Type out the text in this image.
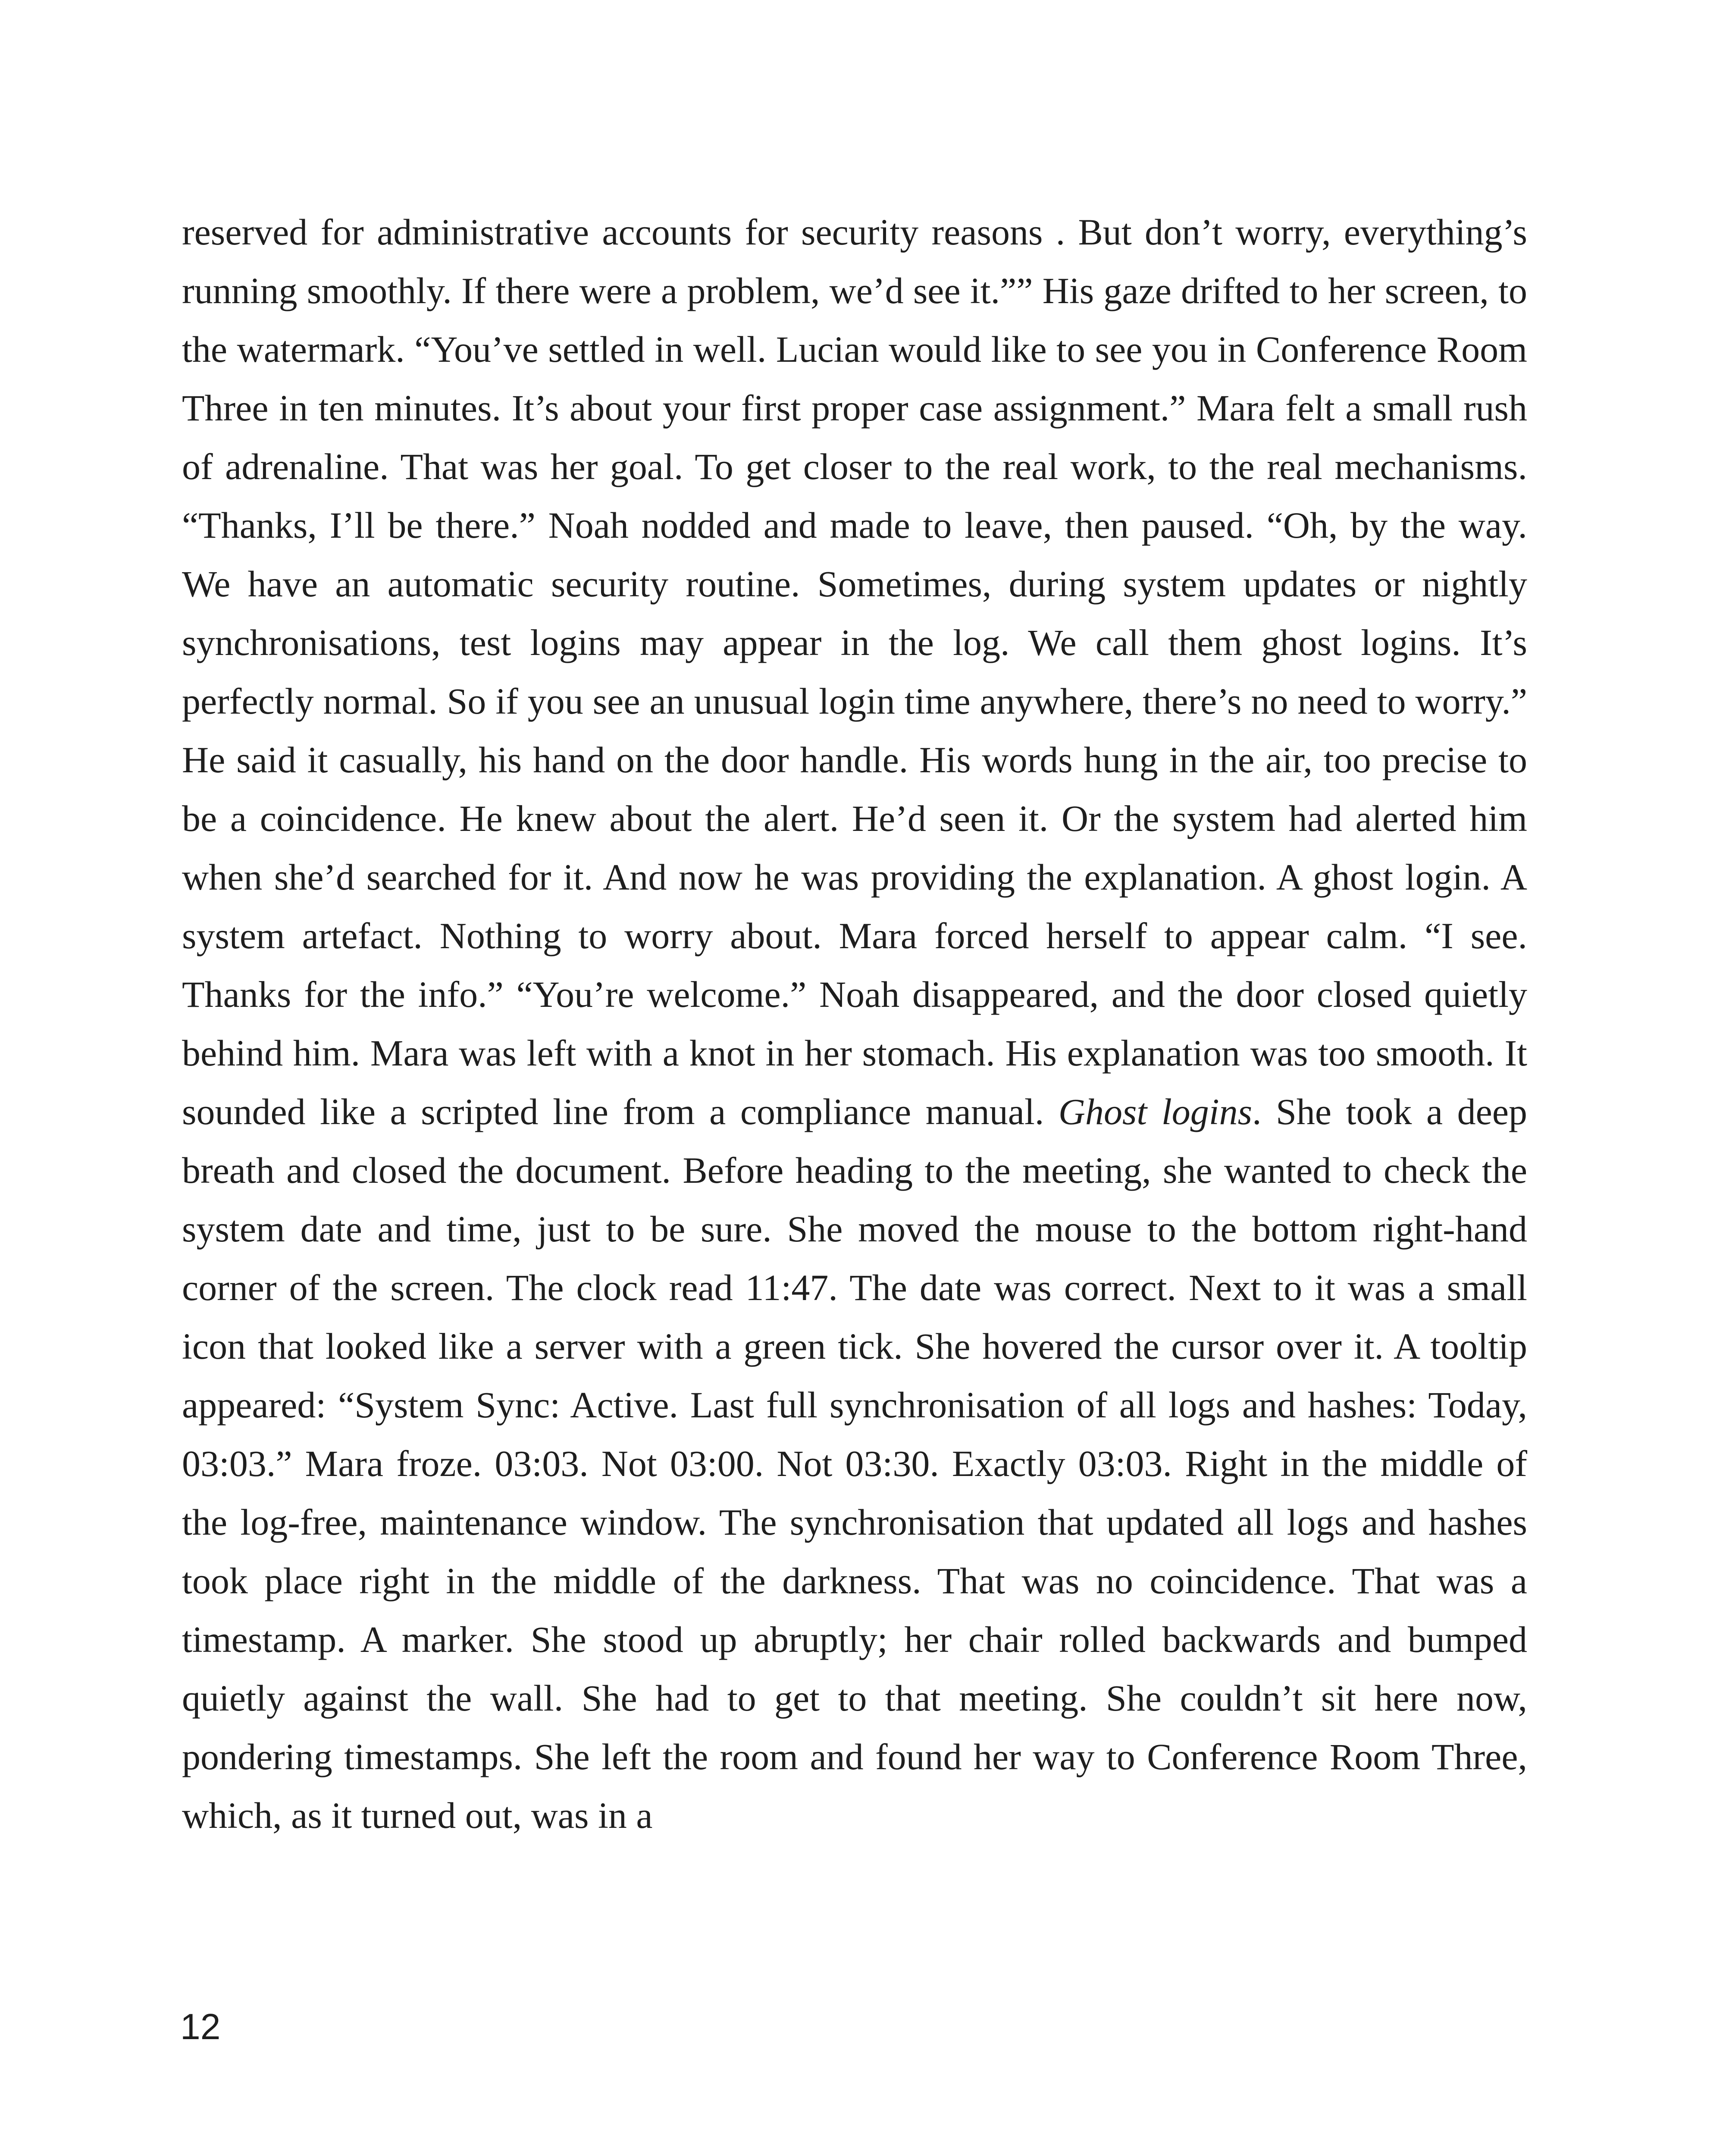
reserved for administrative accounts for security reasons . But don’t worry, everything’s running smoothly. If there were a problem, we’d see it.”” His gaze drifted to her screen, to the watermark. “You’ve settled in well. Lucian would like to see you in Conference Room Three in ten minutes. It’s about your first proper case assignment.” Mara felt a small rush of adrenaline. That was her goal. To get closer to the real work, to the real mechanisms. “Thanks, I’ll be there.” Noah nodded and made to leave, then paused. “Oh, by the way. We have an automatic security routine. Sometimes, during system updates or nightly synchronisations, test logins may appear in the log. We call them ghost logins. It’s perfectly normal. So if you see an unusual login time anywhere, there’s no need to worry.” He said it casually, his hand on the door handle. His words hung in the air, too precise to be a coincidence. He knew about the alert. He’d seen it. Or the system had alerted him when she’d searched for it. And now he was providing the explanation. A ghost login. A system artefact. Nothing to worry about. Mara forced herself to appear calm. “I see. Thanks for the info.” “You’re welcome.” Noah disappeared, and the door closed quietly behind him. Mara was left with a knot in her stomach. His explanation was too smooth. It sounded like a scripted line from a compliance manual. Ghost logins. She took a deep breath and closed the document. Before heading to the meeting, she wanted to check the system date and time, just to be sure. She moved the mouse to the bottom right-hand corner of the screen. The clock read 11:47. The date was correct. Next to it was a small icon that looked like a server with a green tick. She hovered the cursor over it. A tooltip appeared: “System Sync: Active. Last full synchronisation of all logs and hashes: Today, 03:03.” Mara froze. 03:03. Not 03:00. Not 03:30. Exactly 03:03. Right in the middle of the log-free, maintenance window. The synchronisation that updated all logs and hashes took place right in the middle of the darkness. That was no coincidence. That was a timestamp. A marker. She stood up abruptly; her chair rolled backwards and bumped quietly against the wall. She had to get to that meeting. She couldn’t sit here now, pondering timestamps. She left the room and found her way to Conference Room Three, which, as it turned out, was in a

12
